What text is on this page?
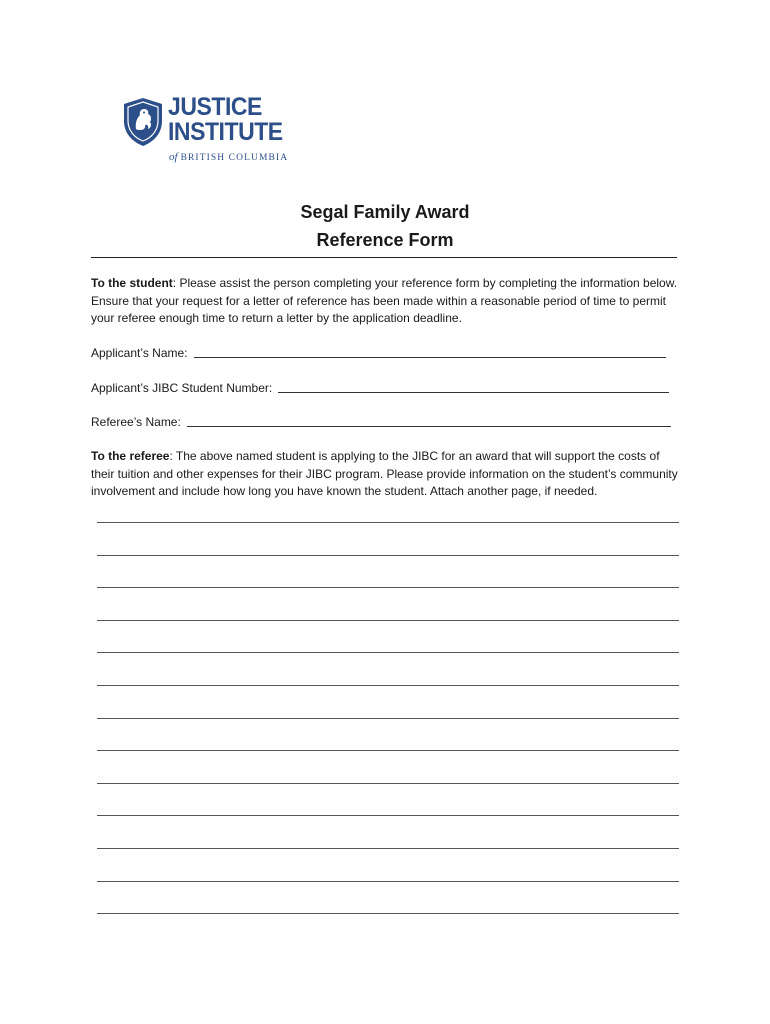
JUSTICE
INSTITUTE
of BRITISH COLUMBIA
Segal Family Award
Reference Form
To the student: Please assist the person completing your reference form by completing the information below. Ensure that your request for a letter of reference has been made within a reasonable period of time to permit your referee enough time to return a letter by the application deadline.
Applicant’s Name:
Applicant’s JIBC Student Number:
Referee’s Name:
To the referee: The above named student is applying to the JIBC for an award that will support the costs of their tuition and other expenses for their JIBC program. Please provide information on the student’s community involvement and include how long you have known the student. Attach another page, if needed.
